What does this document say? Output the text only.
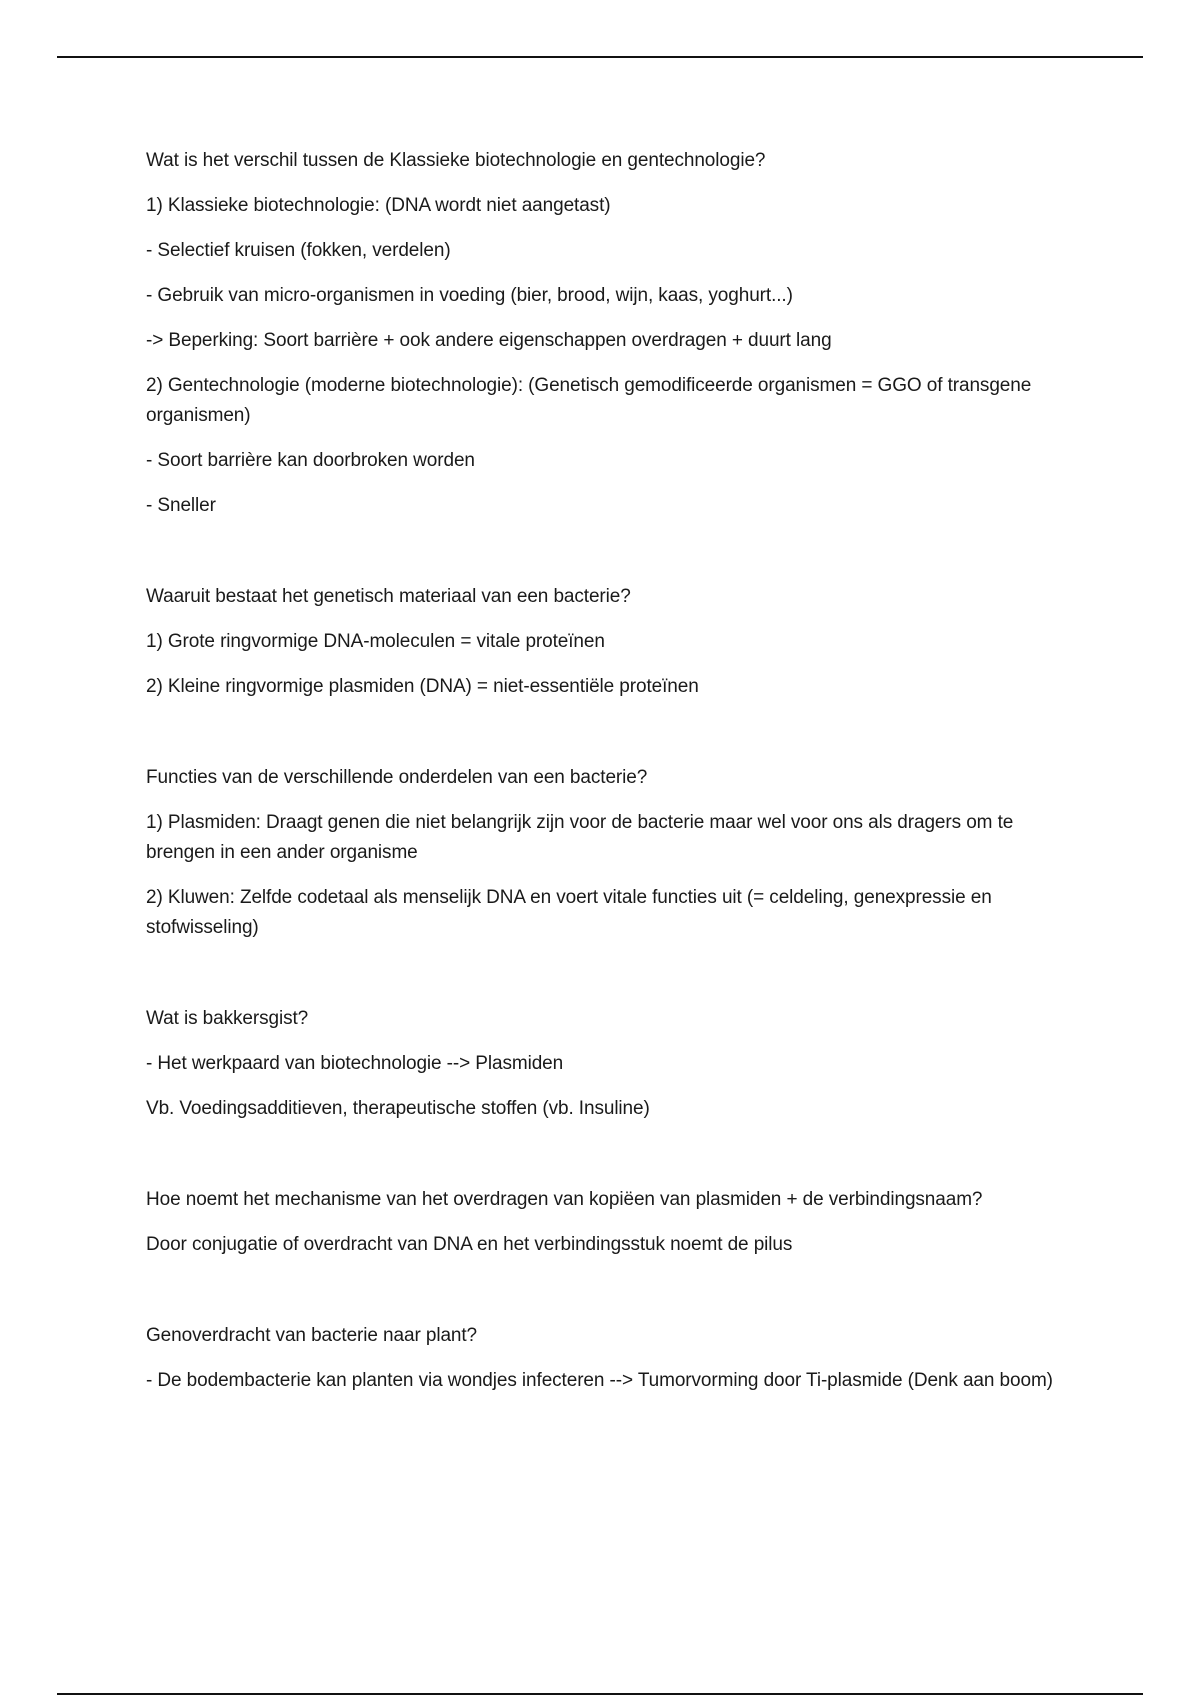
Wat is het verschil tussen de Klassieke biotechnologie en gentechnologie?

1) Klassieke biotechnologie: (DNA wordt niet aangetast)

- Selectief kruisen (fokken, verdelen)

- Gebruik van micro-organismen in voeding (bier, brood, wijn, kaas, yoghurt...)

-> Beperking: Soort barrière + ook andere eigenschappen overdragen + duurt lang

2) Gentechnologie (moderne biotechnologie): (Genetisch gemodificeerde organismen = GGO of transgene organismen)

- Soort barrière kan doorbroken worden

- Sneller

Waaruit bestaat het genetisch materiaal van een bacterie?

1) Grote ringvormige DNA-moleculen = vitale proteïnen

2) Kleine ringvormige plasmiden (DNA) = niet-essentiële proteïnen

Functies van de verschillende onderdelen van een bacterie?

1) Plasmiden: Draagt genen die niet belangrijk zijn voor de bacterie maar wel voor ons als dragers om te brengen in een ander organisme

2) Kluwen: Zelfde codetaal als menselijk DNA en voert vitale functies uit (= celdeling, genexpressie en stofwisseling)

Wat is bakkersgist?

- Het werkpaard van biotechnologie --> Plasmiden

Vb. Voedingsadditieven, therapeutische stoffen (vb. Insuline)

Hoe noemt het mechanisme van het overdragen van kopiëen van plasmiden + de verbindingsnaam?

Door conjugatie of overdracht van DNA en het verbindingsstuk noemt de pilus

Genoverdracht van bacterie naar plant?

- De bodembacterie kan planten via wondjes infecteren --> Tumorvorming door Ti-plasmide (Denk aan boom)
